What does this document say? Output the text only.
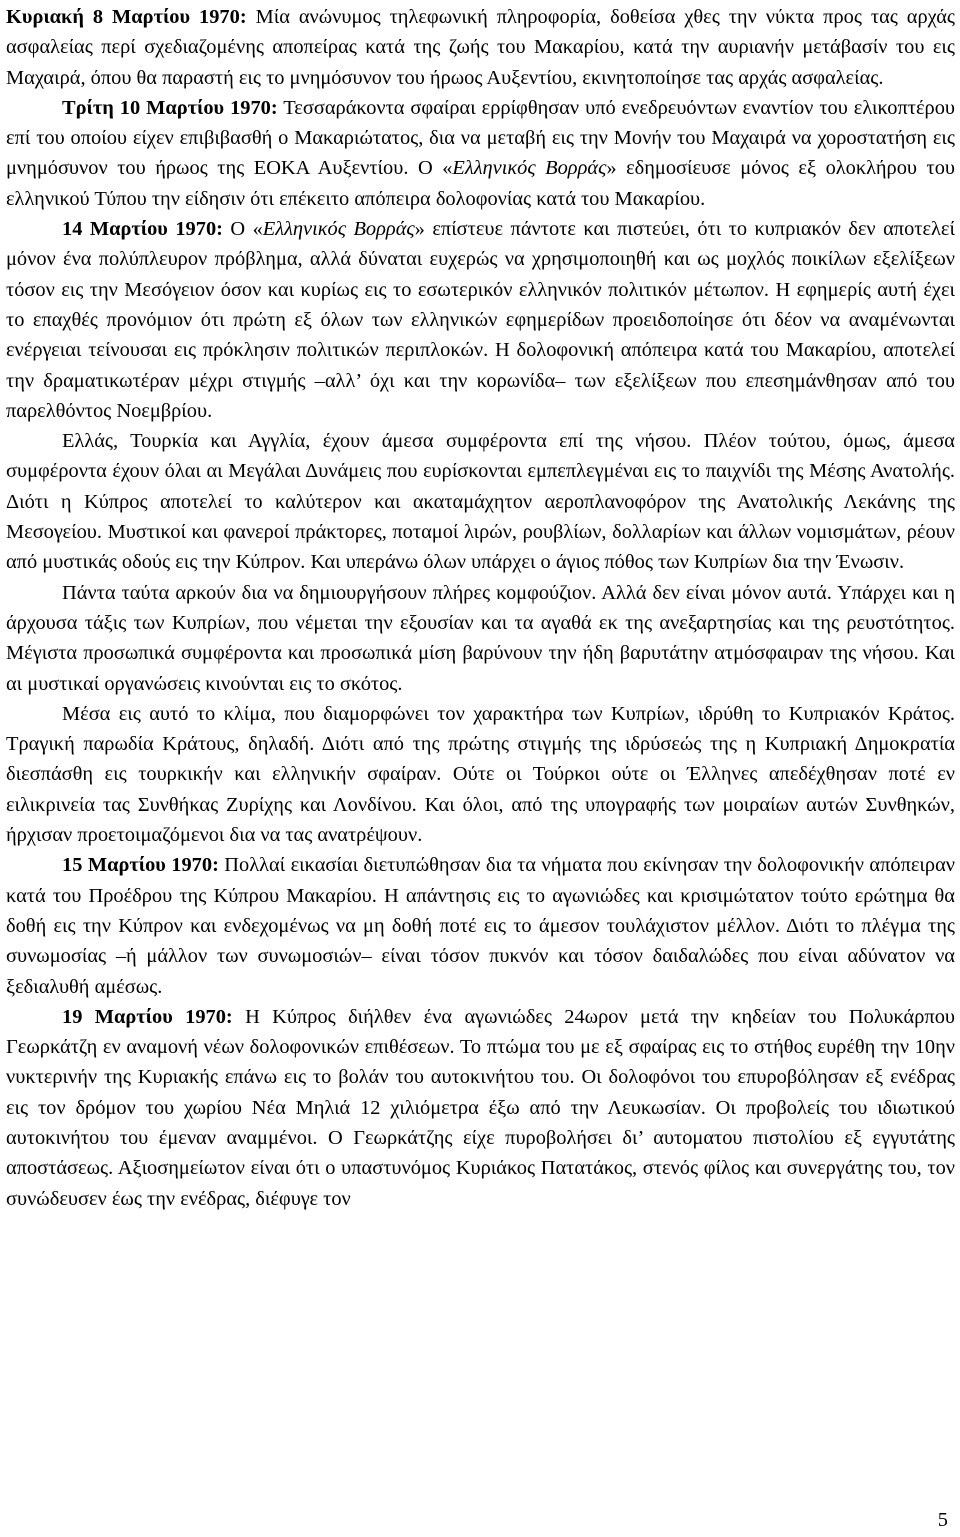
Κυριακή 8 Μαρτίου 1970: Μία ανώνυμος τηλεφωνική πληροφορία, δοθείσα χθες την νύκτα προς τας αρχάς ασφαλείας περί σχεδιαζομένης αποπείρας κατά της ζωής του Μακαρίου, κατά την αυριανήν μετάβασίν του εις Μαχαιρά, όπου θα παραστή εις το μνημόσυνον του ήρωος Αυξεντίου, εκινητοποίησε τας αρχάς ασφαλείας.

Τρίτη 10 Μαρτίου 1970: Τεσσαράκοντα σφαίραι ερρίφθησαν υπό ενεδρευόντων εναντίον του ελικοπτέρου επί του οποίου είχεν επιβιβασθή ο Μακαριώτατος, δια να μεταβή εις την Μονήν του Μαχαιρά να χοροστατήση εις μνημόσυνον του ήρωος της ΕΟΚΑ Αυξεντίου. Ο «Ελληνικός Βορράς» εδημοσίευσε μόνος εξ ολοκλήρου του ελληνικού Τύπου την είδησιν ότι επέκειτο απόπειρα δολοφονίας κατά του Μακαρίου.

14 Μαρτίου 1970: Ο «Ελληνικός Βορράς» επίστευε πάντοτε και πιστεύει, ότι το κυπριακόν δεν αποτελεί μόνον ένα πολύπλευρον πρόβλημα, αλλά δύναται ευχερώς να χρησιμοποιηθή και ως μοχλός ποικίλων εξελίξεων τόσον εις την Μεσόγειον όσον και κυρίως εις το εσωτερικόν ελληνικόν πολιτικόν μέτωπον. Η εφημερίς αυτή έχει το επαχθές προνόμιον ότι πρώτη εξ όλων των ελληνικών εφημερίδων προειδοποίησε ότι δέον να αναμένωνται ενέργειαι τείνουσαι εις πρόκλησιν πολιτικών περιπλοκών. Η δολοφονική απόπειρα κατά του Μακαρίου, αποτελεί την δραματικωτέραν μέχρι στιγμής –αλλ’ όχι και την κορωνίδα– των εξελίξεων που επεσημάνθησαν από του παρελθόντος Νοεμβρίου.

Ελλάς, Τουρκία και Αγγλία, έχουν άμεσα συμφέροντα επί της νήσου. Πλέον τούτου, όμως, άμεσα συμφέροντα έχουν όλαι αι Μεγάλαι Δυνάμεις που ευρίσκονται εμπεπλεγμέναι εις το παιχνίδι της Μέσης Ανατολής. Διότι η Κύπρος αποτελεί το καλύτερον και ακαταμάχητον αεροπλανοφόρον της Ανατολικής Λεκάνης της Μεσογείου. Μυστικοί και φανεροί πράκτορες, ποταμοί λιρών, ρουβλίων, δολλαρίων και άλλων νομισμάτων, ρέουν από μυστικάς οδούς εις την Κύπρον. Και υπεράνω όλων υπάρχει ο άγιος πόθος των Κυπρίων δια την Ένωσιν.

Πάντα ταύτα αρκούν δια να δημιουργήσουν πλήρες κομφούζιον. Αλλά δεν είναι μόνον αυτά. Υπάρχει και η άρχουσα τάξις των Κυπρίων, που νέμεται την εξουσίαν και τα αγαθά εκ της ανεξαρτησίας και της ρευστότητος. Μέγιστα προσωπικά συμφέροντα και προσωπικά μίση βαρύνουν την ήδη βαρυτάτην ατμόσφαιραν της νήσου. Και αι μυστικαί οργανώσεις κινούνται εις το σκότος.

Μέσα εις αυτό το κλίμα, που διαμορφώνει τον χαρακτήρα των Κυπρίων, ιδρύθη το Κυπριακόν Κράτος. Τραγική παρωδία Κράτους, δηλαδή. Διότι από της πρώτης στιγμής της ιδρύσεώς της η Κυπριακή Δημοκρατία διεσπάσθη εις τουρκικήν και ελληνικήν σφαίραν. Ούτε οι Τούρκοι ούτε οι Έλληνες απεδέχθησαν ποτέ εν ειλικρινεία τας Συνθήκας Ζυρίχης και Λονδίνου. Και όλοι, από της υπογραφής των μοιραίων αυτών Συνθηκών, ήρχισαν προετοιμαζόμενοι δια να τας ανατρέψουν.

15 Μαρτίου 1970: Πολλαί εικασίαι διετυπώθησαν δια τα νήματα που εκίνησαν την δολοφονικήν απόπειραν κατά του Προέδρου της Κύπρου Μακαρίου. Η απάντησις εις το αγωνιώδες και κρισιμώτατον τούτο ερώτημα θα δοθή εις την Κύπρον και ενδεχομένως να μη δοθή ποτέ εις το άμεσον τουλάχιστον μέλλον. Διότι το πλέγμα της συνωμοσίας –ή μάλλον των συνωμοσιών– είναι τόσον πυκνόν και τόσον δαιδαλώδες που είναι αδύνατον να ξεδιαλυθή αμέσως.

19 Μαρτίου 1970: Η Κύπρος διήλθεν ένα αγωνιώδες 24ωρον μετά την κηδείαν του Πολυκάρπου Γεωρκάτζη εν αναμονή νέων δολοφονικών επιθέσεων. Το πτώμα του με εξ σφαίρας εις το στήθος ευρέθη την 10ην νυκτερινήν της Κυριακής επάνω εις το βολάν του αυτοκινήτου του. Οι δολοφόνοι του επυροβόλησαν εξ ενέδρας εις τον δρόμον του χωρίου Νέα Μηλιά 12 χιλιόμετρα έξω από την Λευκωσίαν. Οι προβολείς του ιδιωτικού αυτοκινήτου του έμεναν αναμμένοι. Ο Γεωρκάτζης είχε πυροβολήσει δι’ αυτοματου πιστολίου εξ εγγυτάτης αποστάσεως. Αξιοσημείωτον είναι ότι ο υπαστυνόμος Κυριάκος Πατατάκος, στενός φίλος και συνεργάτης του, τον συνώδευσεν έως την ενέδρας, διέφυγε τον

5
